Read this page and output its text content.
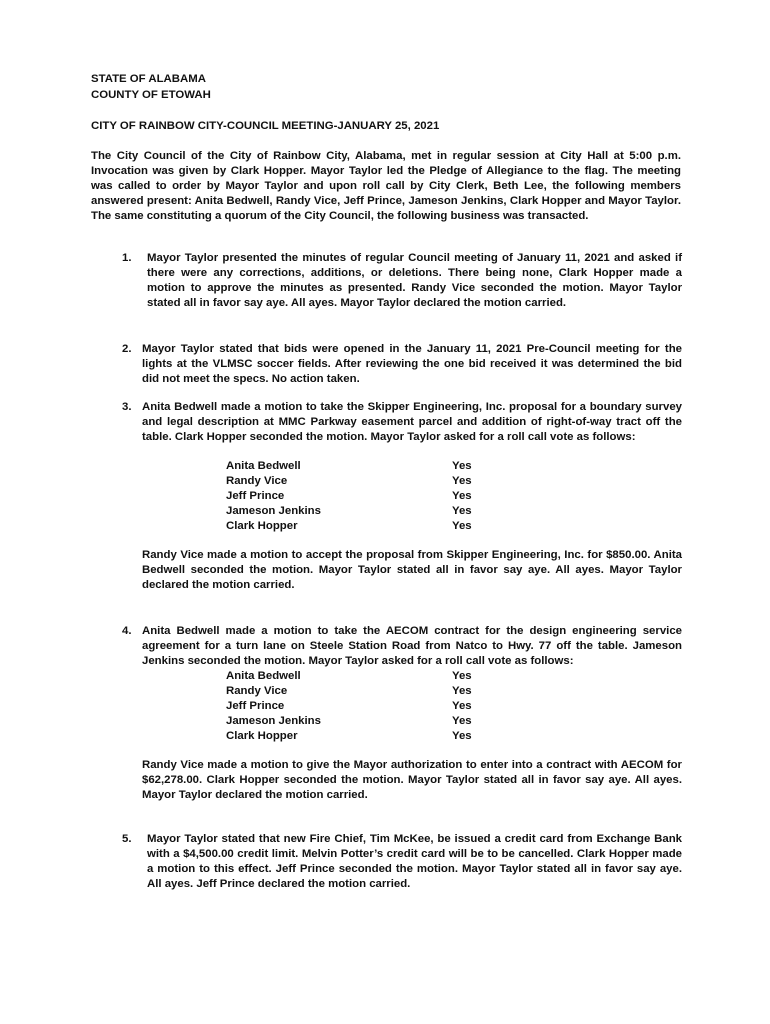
STATE OF ALABAMA
COUNTY OF ETOWAH
CITY OF RAINBOW CITY-COUNCIL MEETING-JANUARY 25, 2021
The City Council of the City of Rainbow City, Alabama, met in regular session at City Hall at 5:00 p.m. Invocation was given by Clark Hopper. Mayor Taylor led the Pledge of Allegiance to the flag. The meeting was called to order by Mayor Taylor and upon roll call by City Clerk, Beth Lee, the following members answered present: Anita Bedwell, Randy Vice, Jeff Prince, Jameson Jenkins, Clark Hopper and Mayor Taylor. The same constituting a quorum of the City Council, the following business was transacted.
1. Mayor Taylor presented the minutes of regular Council meeting of January 11, 2021 and asked if there were any corrections, additions, or deletions. There being none, Clark Hopper made a motion to approve the minutes as presented. Randy Vice seconded the motion. Mayor Taylor stated all in favor say aye. All ayes. Mayor Taylor declared the motion carried.
2. Mayor Taylor stated that bids were opened in the January 11, 2021 Pre-Council meeting for the lights at the VLMSC soccer fields. After reviewing the one bid received it was determined the bid did not meet the specs. No action taken.
3. Anita Bedwell made a motion to take the Skipper Engineering, Inc. proposal for a boundary survey and legal description at MMC Parkway easement parcel and addition of right-of-way tract off the table. Clark Hopper seconded the motion. Mayor Taylor asked for a roll call vote as follows:
Anita Bedwell	Yes
Randy Vice	Yes
Jeff Prince	Yes
Jameson Jenkins	Yes
Clark Hopper	Yes
Randy Vice made a motion to accept the proposal from Skipper Engineering, Inc. for $850.00. Anita Bedwell seconded the motion. Mayor Taylor stated all in favor say aye. All ayes. Mayor Taylor declared the motion carried.
4. Anita Bedwell made a motion to take the AECOM contract for the design engineering service agreement for a turn lane on Steele Station Road from Natco to Hwy. 77 off the table. Jameson Jenkins seconded the motion. Mayor Taylor asked for a roll call vote as follows:
Anita Bedwell	Yes
Randy Vice	Yes
Jeff Prince	Yes
Jameson Jenkins	Yes
Clark Hopper	Yes
Randy Vice made a motion to give the Mayor authorization to enter into a contract with AECOM for $62,278.00. Clark Hopper seconded the motion. Mayor Taylor stated all in favor say aye. All ayes. Mayor Taylor declared the motion carried.
5. Mayor Taylor stated that new Fire Chief, Tim McKee, be issued a credit card from Exchange Bank with a $4,500.00 credit limit. Melvin Potter’s credit card will be to be cancelled. Clark Hopper made a motion to this effect. Jeff Prince seconded the motion. Mayor Taylor stated all in favor say aye. All ayes. Jeff Prince declared the motion carried.
